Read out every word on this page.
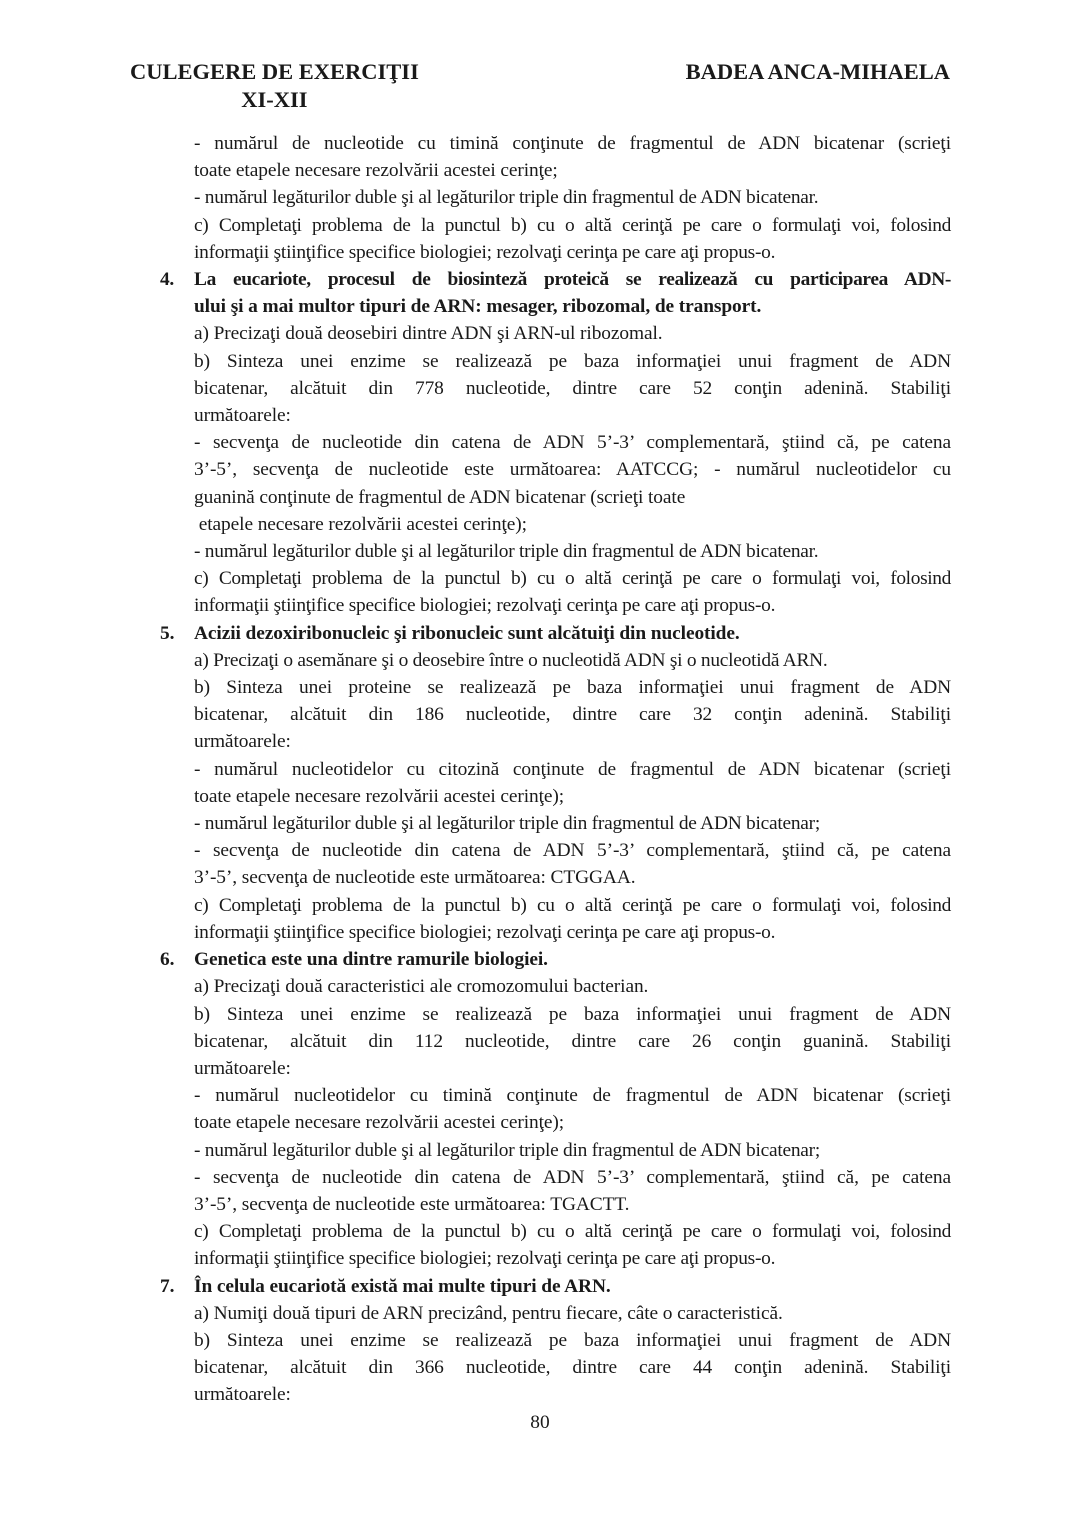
CULEGERE DE EXERCIŢII
XI-XII
BADEA ANCA-MIHAELA
- numărul de nucleotide cu timină conţinute de fragmentul de ADN bicatenar (scrieţi
toate etapele necesare rezolvării acestei cerinţe;
- numărul legăturilor duble şi al legăturilor triple din fragmentul de ADN bicatenar.
c) Completaţi problema de la punctul b) cu o altă cerinţă pe care o formulaţi voi, folosind
informaţii ştiinţifice specifice biologiei; rezolvaţi cerinţa pe care aţi propus-o.
4. La eucariote, procesul de biosinteză proteică se realizează cu participarea ADN-
ului şi a mai multor tipuri de ARN: mesager, ribozomal, de transport.
a) Precizaţi două deosebiri dintre ADN şi ARN-ul ribozomal.
b) Sinteza unei enzime se realizează pe baza informaţiei unui fragment de ADN
bicatenar, alcătuit din 778 nucleotide, dintre care 52 conţin adenină. Stabiliţi
următoarele:
- secvenţa de nucleotide din catena de ADN 5’-3’ complementară, ştiind că, pe catena
3’-5’, secvenţa de nucleotide este următoarea: AATCCG; - numărul nucleotidelor cu
guanină conţinute de fragmentul de ADN bicatenar (scrieţi toate
etapele necesare rezolvării acestei cerinţe);
- numărul legăturilor duble şi al legăturilor triple din fragmentul de ADN bicatenar.
c) Completaţi problema de la punctul b) cu o altă cerinţă pe care o formulaţi voi, folosind
informaţii ştiinţifice specifice biologiei; rezolvaţi cerinţa pe care aţi propus-o.
5. Acizii dezoxiribonucleic şi ribonucleic sunt alcătuiţi din nucleotide.
a) Precizaţi o asemănare şi o deosebire între o nucleotidă ADN şi o nucleotidă ARN.
b) Sinteza unei proteine se realizează pe baza informaţiei unui fragment de ADN
bicatenar, alcătuit din 186 nucleotide, dintre care 32 conţin adenină. Stabiliţi
următoarele:
- numărul nucleotidelor cu citozină conţinute de fragmentul de ADN bicatenar (scrieţi
toate etapele necesare rezolvării acestei cerinţe);
- numărul legăturilor duble şi al legăturilor triple din fragmentul de ADN bicatenar;
- secvenţa de nucleotide din catena de ADN 5’-3’ complementară, ştiind că, pe catena
3’-5’, secvenţa de nucleotide este următoarea: CTGGAA.
c) Completaţi problema de la punctul b) cu o altă cerinţă pe care o formulaţi voi, folosind
informaţii ştiinţifice specifice biologiei; rezolvaţi cerinţa pe care aţi propus-o.
6. Genetica este una dintre ramurile biologiei.
a) Precizaţi două caracteristici ale cromozomului bacterian.
b) Sinteza unei enzime se realizează pe baza informaţiei unui fragment de ADN
bicatenar, alcătuit din 112 nucleotide, dintre care 26 conţin guanină. Stabiliţi
următoarele:
- numărul nucleotidelor cu timină conţinute de fragmentul de ADN bicatenar (scrieţi
toate etapele necesare rezolvării acestei cerinţe);
- numărul legăturilor duble şi al legăturilor triple din fragmentul de ADN bicatenar;
- secvenţa de nucleotide din catena de ADN 5’-3’ complementară, ştiind că, pe catena
3’-5’, secvenţa de nucleotide este următoarea: TGACTT.
c) Completaţi problema de la punctul b) cu o altă cerinţă pe care o formulaţi voi, folosind
informaţii ştiinţifice specifice biologiei; rezolvaţi cerinţa pe care aţi propus-o.
7. În celula eucariotă există mai multe tipuri de ARN.
a) Numiţi două tipuri de ARN precizând, pentru fiecare, câte o caracteristică.
b) Sinteza unei enzime se realizează pe baza informaţiei unui fragment de ADN
bicatenar, alcătuit din 366 nucleotide, dintre care 44 conţin adenină. Stabiliţi
următoarele:
80
